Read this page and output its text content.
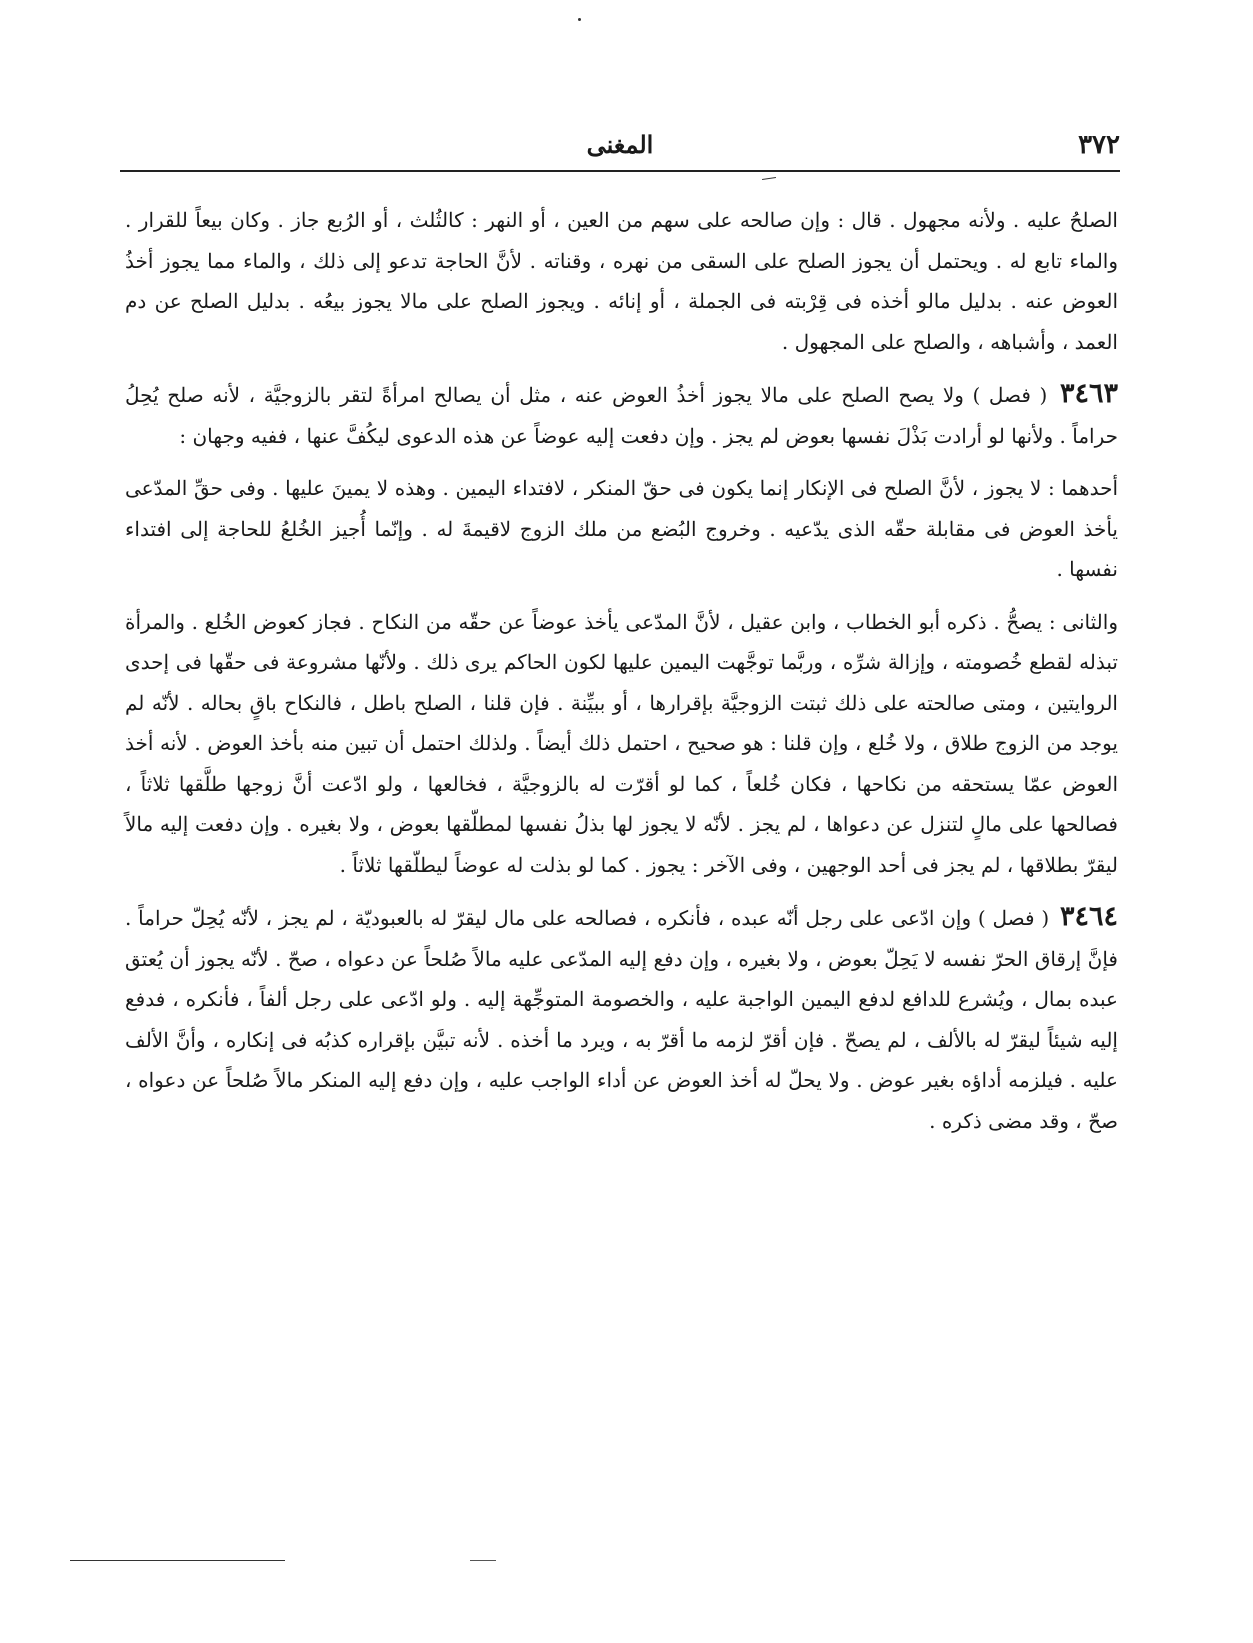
٣٧٢
المغنى

الصلحُ عليه . ولأنه مجهول . قال : وإن صالحه على سهم من العين ، أو النهر : كالثُلث ، أو الرُبع جاز . وكان بيعاً للقرار . والماء تابع له . ويحتمل أن يجوز الصلح على السقى من نهره ، وقناته . لأنَّ الحاجة تدعو إلى ذلك ، والماء مما يجوز أخذُ العوض عنه . بدليل مالو أخذه فى قِرْبته فى الجملة ، أو إنائه . ويجوز الصلح على مالا يجوز بيعُه . بدليل الصلح عن دم العمد ، وأشباهه ، والصلح على المجهول .

٣٤٦٣ ( فصل ) ولا يصح الصلح على مالا يجوز أخذُ العوض عنه ، مثل أن يصالح امرأةً لتقر بالزوجيَّة ، لأنه صلح يُحِلُ حراماً . ولأنها لو أرادت بَذْلَ نفسها بعوض لم يجز . وإن دفعت إليه عوضاً عن هذه الدعوى ليكُفَّ عنها ، ففيه وجهان :

أحدهما : لا يجوز ، لأنَّ الصلح فى الإنكار إنما يكون فى حقّ المنكر ، لافتداء اليمين . وهذه لا يمينَ عليها . وفى حقِّ المدّعى يأخذ العوض فى مقابلة حقّه الذى يدّعيه . وخروج البُضع من ملك الزوج لاقيمةَ له . وإنّما أُجيز الخُلعُ للحاجة إلى افتداء نفسها .

والثانى : يصحُّ . ذكره أبو الخطاب ، وابن عقيل ، لأنَّ المدّعى يأخذ عوضاً عن حقّه من النكاح . فجاز كعوض الخُلع . والمرأة تبذله لقطع خُصومته ، وإزالة شرِّه ، وربَّما توجَّهت اليمين عليها لكون الحاكم يرى ذلك . ولأنّها مشروعة فى حقّها فى إحدى الروايتين ، ومتى صالحته على ذلك ثبتت الزوجيَّة بإقرارها ، أو ببيِّنة . فإن قلنا ، الصلح باطل ، فالنكاح باقٍ بحاله . لأنّه لم يوجد من الزوج طلاق ، ولا خُلع ، وإن قلنا : هو صحيح ، احتمل ذلك أيضاً . ولذلك احتمل أن تبين منه بأخذ العوض . لأنه أخذ العوض عمّا يستحقه من نكاحها ، فكان خُلعاً ، كما لو أقرّت له بالزوجيَّة ، فخالعها ، ولو ادّعت أنَّ زوجها طلَّقها ثلاثاً ، فصالحها على مالٍ لتنزل عن دعواها ، لم يجز . لأنّه لا يجوز لها بذلُ نفسها لمطلّقها بعوض ، ولا بغيره . وإن دفعت إليه مالاً ليقرّ بطلاقها ، لم يجز فى أحد الوجهين ، وفى الآخر : يجوز . كما لو بذلت له عوضاً ليطلّقها ثلاثاً .

٣٤٦٤ ( فصل ) وإن ادّعى على رجل أنّه عبده ، فأنكره ، فصالحه على مال ليقرّ له بالعبوديّة ، لم يجز ، لأنّه يُحِلّ حراماً . فإنَّ إرقاق الحرّ نفسه لا يَحِلّ بعوض ، ولا بغيره ، وإن دفع إليه المدّعى عليه مالاً صُلحاً عن دعواه ، صحّ . لأنّه يجوز أن يُعتق عبده بمال ، ويُشرع للدافع لدفع اليمين الواجبة عليه ، والخصومة المتوجِّهة إليه . ولو ادّعى على رجل ألفاً ، فأنكره ، فدفع إليه شيئاً ليقرّ له بالألف ، لم يصحّ . فإن أقرّ لزمه ما أقرّ به ، ويرد ما أخذه . لأنه تبيَّن بإقراره كذبُه فى إنكاره ، وأنَّ الألف عليه . فيلزمه أداؤه بغير عوض . ولا يحلّ له أخذ العوض عن أداء الواجب عليه ، وإن دفع إليه المنكر مالاً صُلحاً عن دعواه ، صحّ ، وقد مضى ذكره .
